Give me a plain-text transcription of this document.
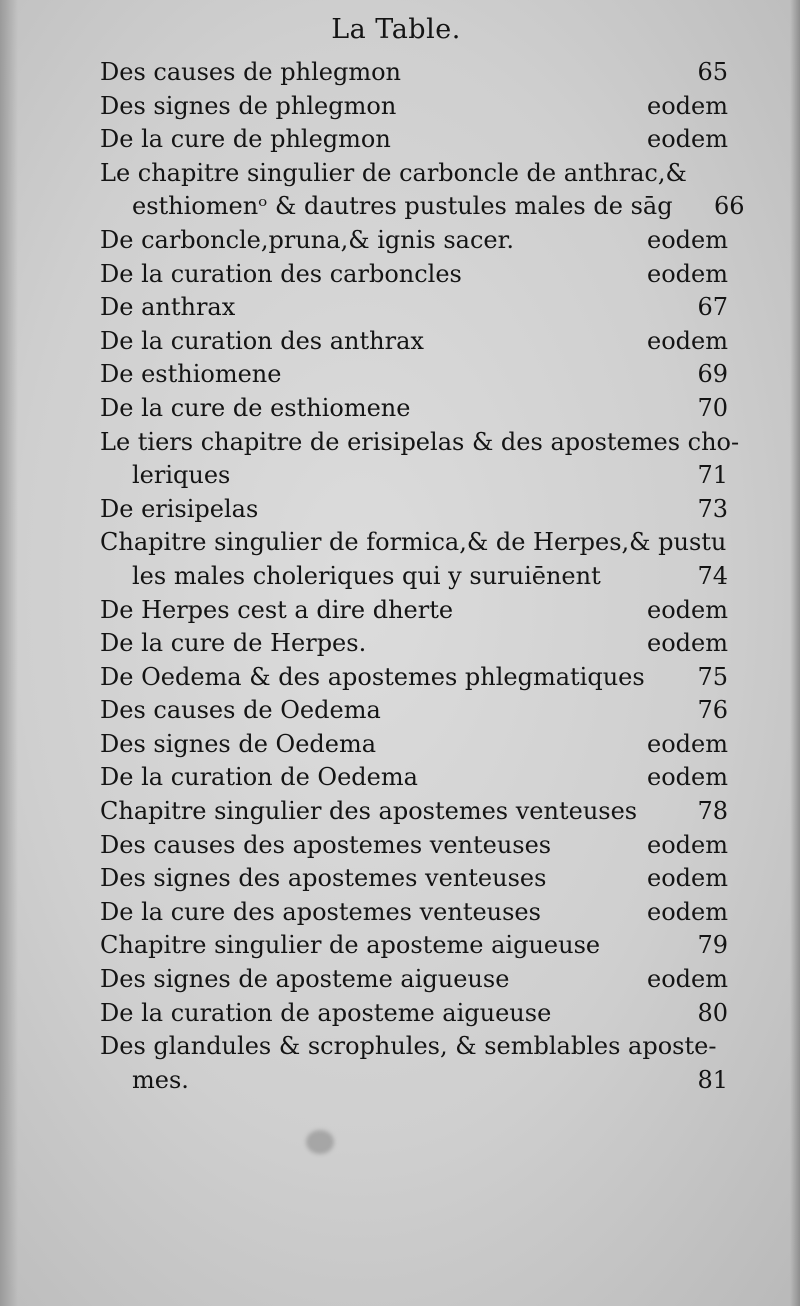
La Table.
Des causes de phlegmon	65
Des signes de phlegmon	eodem
De la cure de phlegmon	eodem
Le chapitre singulier de carboncle de anthrac,&
esthiomenᵒ & dautres pustules males de sāg	66
De carboncle,pruna,& ignis sacer.	eodem
De la curation des carboncles	eodem
De anthrax	67
De la curation des anthrax	eodem
De esthiomene	69
De la cure de esthiomene	70
Le tiers chapitre de erisipelas & des apostemes cho-
leriques	71
De erisipelas	73
Chapitre singulier de formica,& de Herpes,& pustu
les males choleriques qui y suruiēnent	74
De Herpes cest a dire dherte	eodem
De la cure de Herpes.	eodem
De Oedema & des apostemes phlegmatiques	75
Des causes de Oedema	76
Des signes de Oedema	eodem
De la curation de Oedema	eodem
Chapitre singulier des apostemes venteuses	78
Des causes des apostemes venteuses	eodem
Des signes des apostemes venteuses	eodem
De la cure des apostemes venteuses	eodem
Chapitre singulier de aposteme aigueuse	79
Des signes de aposteme aigueuse	eodem
De la curation de aposteme aigueuse	80
Des glandules & scrophules, & semblables aposte-
mes.	81
